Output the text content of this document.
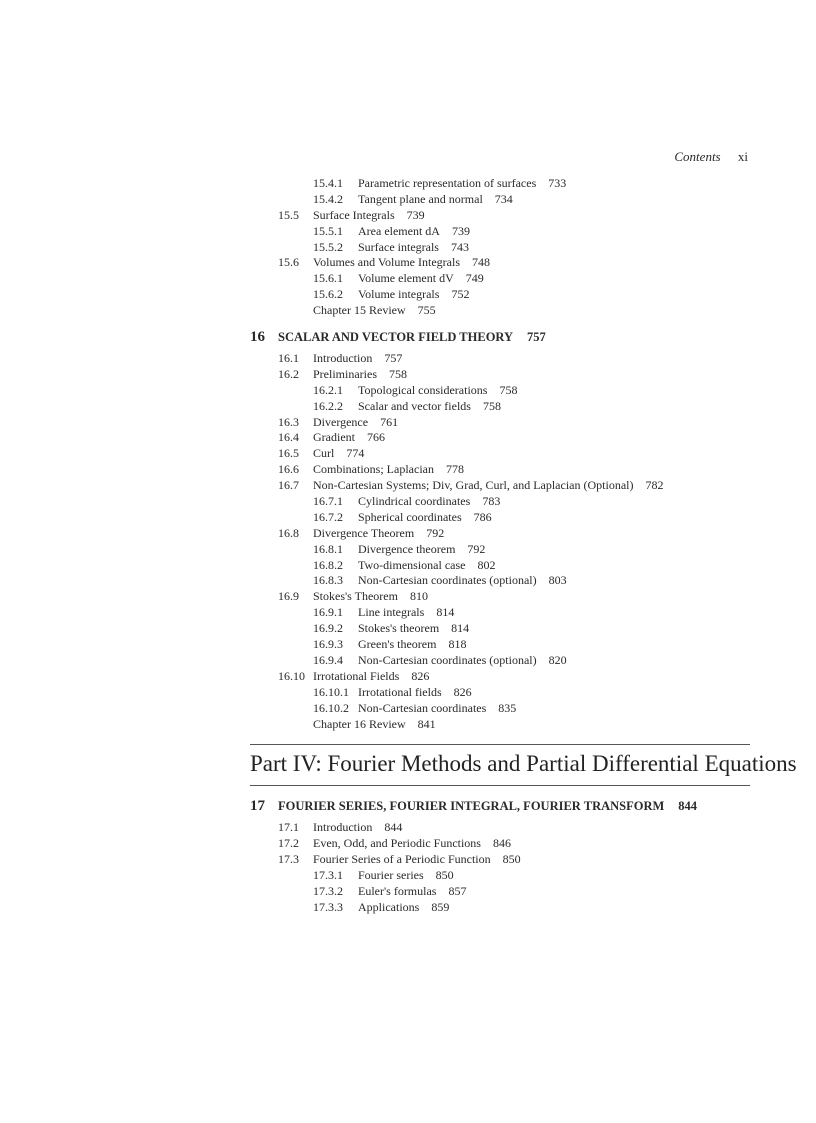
Contents xi
15.4.1 Parametric representation of surfaces 733
15.4.2 Tangent plane and normal 734
15.5 Surface Integrals 739
15.5.1 Area element dA 739
15.5.2 Surface integrals 743
15.6 Volumes and Volume Integrals 748
15.6.1 Volume element dV 749
15.6.2 Volume integrals 752
Chapter 15 Review 755
16 SCALAR AND VECTOR FIELD THEORY 757
16.1 Introduction 757
16.2 Preliminaries 758
16.2.1 Topological considerations 758
16.2.2 Scalar and vector fields 758
16.3 Divergence 761
16.4 Gradient 766
16.5 Curl 774
16.6 Combinations; Laplacian 778
16.7 Non-Cartesian Systems; Div, Grad, Curl, and Laplacian (Optional) 782
16.7.1 Cylindrical coordinates 783
16.7.2 Spherical coordinates 786
16.8 Divergence Theorem 792
16.8.1 Divergence theorem 792
16.8.2 Two-dimensional case 802
16.8.3 Non-Cartesian coordinates (optional) 803
16.9 Stokes's Theorem 810
16.9.1 Line integrals 814
16.9.2 Stokes's theorem 814
16.9.3 Green's theorem 818
16.9.4 Non-Cartesian coordinates (optional) 820
16.10 Irrotational Fields 826
16.10.1 Irrotational fields 826
16.10.2 Non-Cartesian coordinates 835
Chapter 16 Review 841
Part IV: Fourier Methods and Partial Differential Equations
17 FOURIER SERIES, FOURIER INTEGRAL, FOURIER TRANSFORM 844
17.1 Introduction 844
17.2 Even, Odd, and Periodic Functions 846
17.3 Fourier Series of a Periodic Function 850
17.3.1 Fourier series 850
17.3.2 Euler's formulas 857
17.3.3 Applications 859
